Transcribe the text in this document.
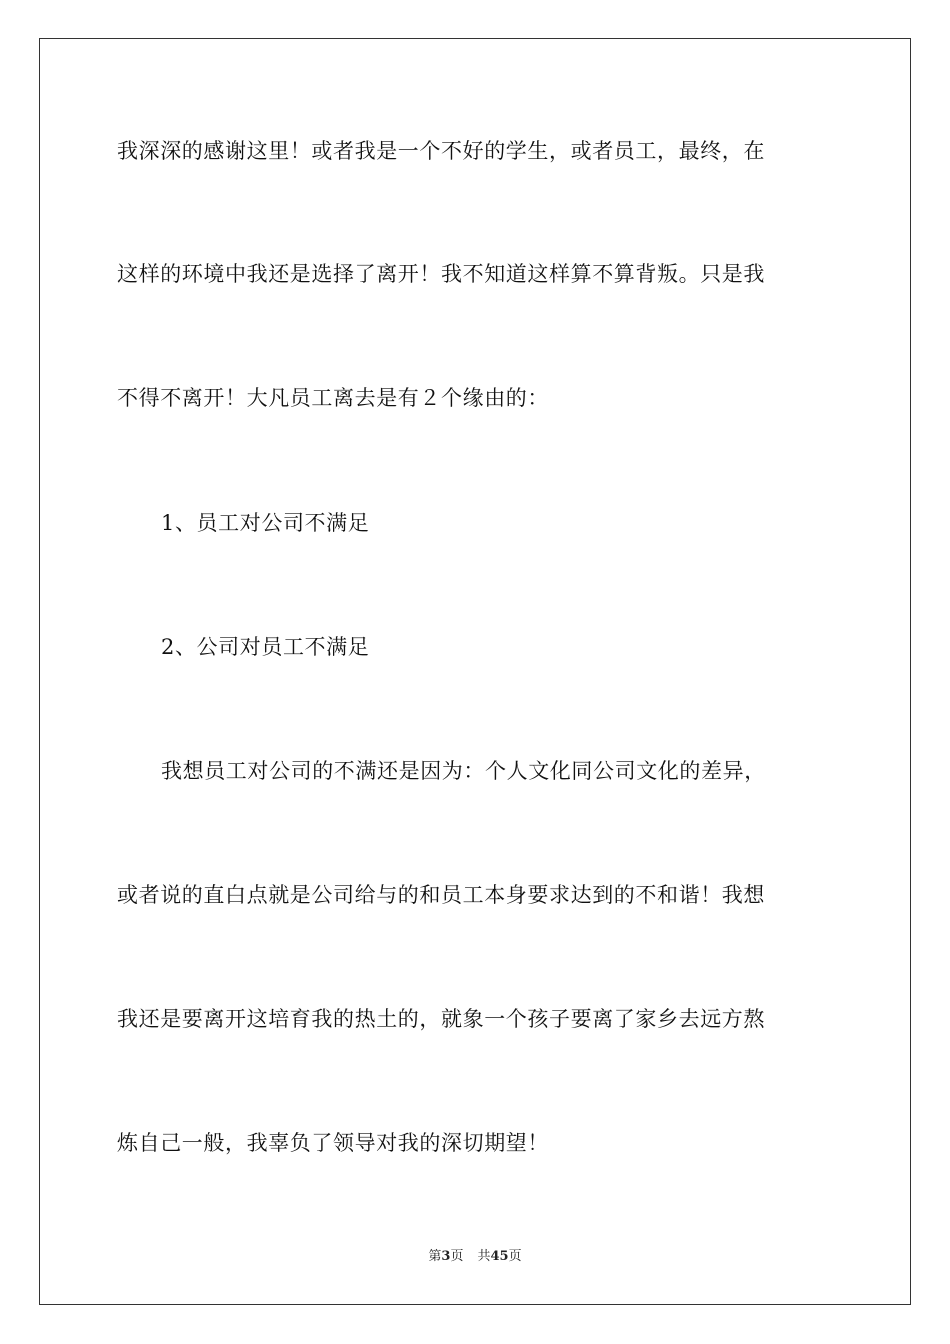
我深深的感谢这里！或者我是一个不好的学生，或者员工，最终，在
这样的环境中我还是选择了离开！我不知道这样算不算背叛。只是我
不得不离开！大凡员工离去是有２个缘由的：
1、员工对公司不满足
2、公司对员工不满足
我想员工对公司的不满还是因为：个人文化同公司文化的差异，
或者说的直白点就是公司给与的和员工本身要求达到的不和谐！我想
我还是要离开这培育我的热土的，就象一个孩子要离了家乡去远方熬
炼自己一般，我辜负了领导对我的深切期望！
第3页 共45页
